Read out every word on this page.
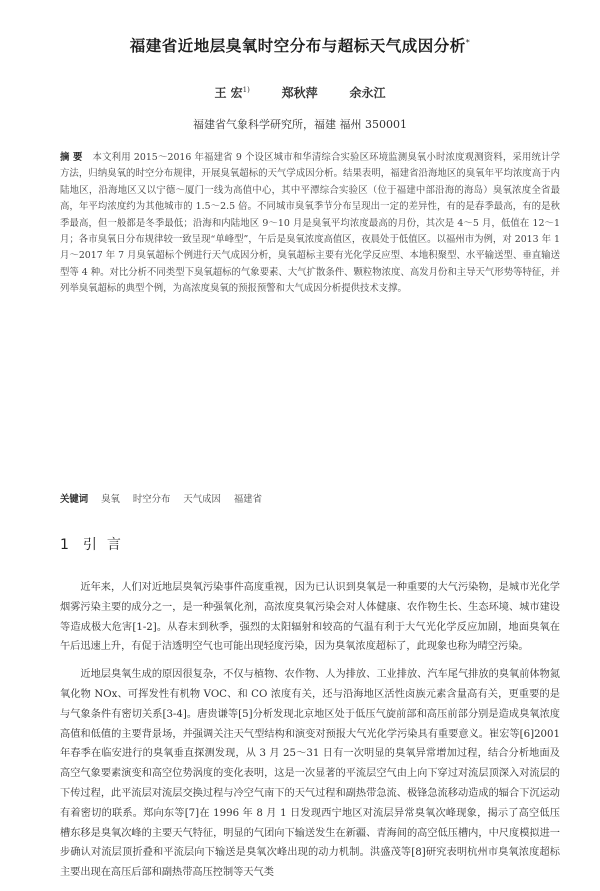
福建省近地层臭氧时空分布与超标天气成因分析*
王 宏$^{1)}$	郑秋萍	余永江
福建省气象科学研究所，福建 福州 350001
摘 要 本文利用 2015～2016 年福建省 9 个设区城市和华清综合实验区环境监测臭氧小时浓度观测资料，采用统计学方法，归纳臭氧的时空分布规律，开展臭氧超标的天气学成因分析。结果表明，福建省沿海地区的臭氧年平均浓度高于内陆地区，沿海地区又以宁德～厦门一线为高值中心，其中平潭综合实验区（位于福建中部沿海的海岛）臭氧浓度全省最高，年平均浓度约为其他城市的 1.5～2.5 倍。不同城市臭氧季节分布呈现出一定的差异性，有的是春季最高，有的是秋季最高，但一般都是冬季最低；沿海和内陆地区 9～10 月是臭氧平均浓度最高的月份，其次是 4～5 月，低值在 12～1 月；各市臭氧日分布规律较一致呈现“单峰型”，午后是臭氧浓度高值区，夜晨处于低值区。以福州市为例，对 2013 年 1 月～2017 年 7 月臭氧超标个例进行天气成因分析，臭氧超标主要有光化学反应型、本地积聚型、水平输送型、垂直输送型等 4 种。对比分析不同类型下臭氧超标的气象要素、大气扩散条件、颗粒物浓度、高发月份和主导天气形势等特征，并列举臭氧超标的典型个例，为高浓度臭氧的预报预警和大气成因分析提供技术支撑。
关键词 臭氧 时空分布 天气成因 福建省
1 引言

近年来，人们对近地层臭氧污染事件高度重视，因为已认识到臭氧是一种重要的大气污染物，是城市光化学烟雾污染主要的成分之一，是一种强氧化剂，高浓度臭氧污染会对人体健康、农作物生长、生态环境、城市建设等造成极大危害[1-2]。从春末到秋季，强烈的太阳辐射和较高的气温有利于大气光化学反应加剧，地面臭氧在午后迅速上升，有促于洁透明空气也可能出现轻度污染，因为臭氧浓度超标了，此现象也称为晴空污染。

近地层臭氧生成的原因很复杂，不仅与植物、农作物、人为排放、工业排放、汽车尾气排放的臭氧前体物氮氧化物 NOx、可挥发性有机物 VOC、和 CO 浓度有关，还与沿海地区活性卤族元素含量高有关，更重要的是与气象条件有密切关系[3-4]。唐贵谦等[5]分析发现北京地区处于低压气旋前部和高压前部分别是造成臭氧浓度高值和低值的主要背景场，并强调关注天气型结构和演变对预报大气光化学污染具有重要意义。崔宏等[6]2001 年春季在临安进行的臭氧垂直探测发现，从 3 月 25～31 日有一次明显的臭氧异常增加过程，结合分析地面及高空气象要素演变和高空位势涡度的变化表明，这是一次显著的平流层空气由上向下穿过对流层顶深入对流层的下传过程，此平流层对流层交换过程与冷空气南下的天气过程和副热带急流、极锋急流移动造成的辐合下沉运动有着密切的联系。郑向东等[7]在 1996 年 8 月 1 日发现西宁地区对流层异常臭氧次峰现象，揭示了高空低压槽东移是臭氧次峰的主要天气特征，明显的气团向下输送发生在新疆、青海间的高空低压槽内，中尺度模拟进一步确认对流层顶折叠和平流层向下输送是臭氧次峰出现的动力机制。洪盛茂等[8]研究表明杭州市臭氧浓度超标主要出现在高压后部和副热带高压控制等天气类
